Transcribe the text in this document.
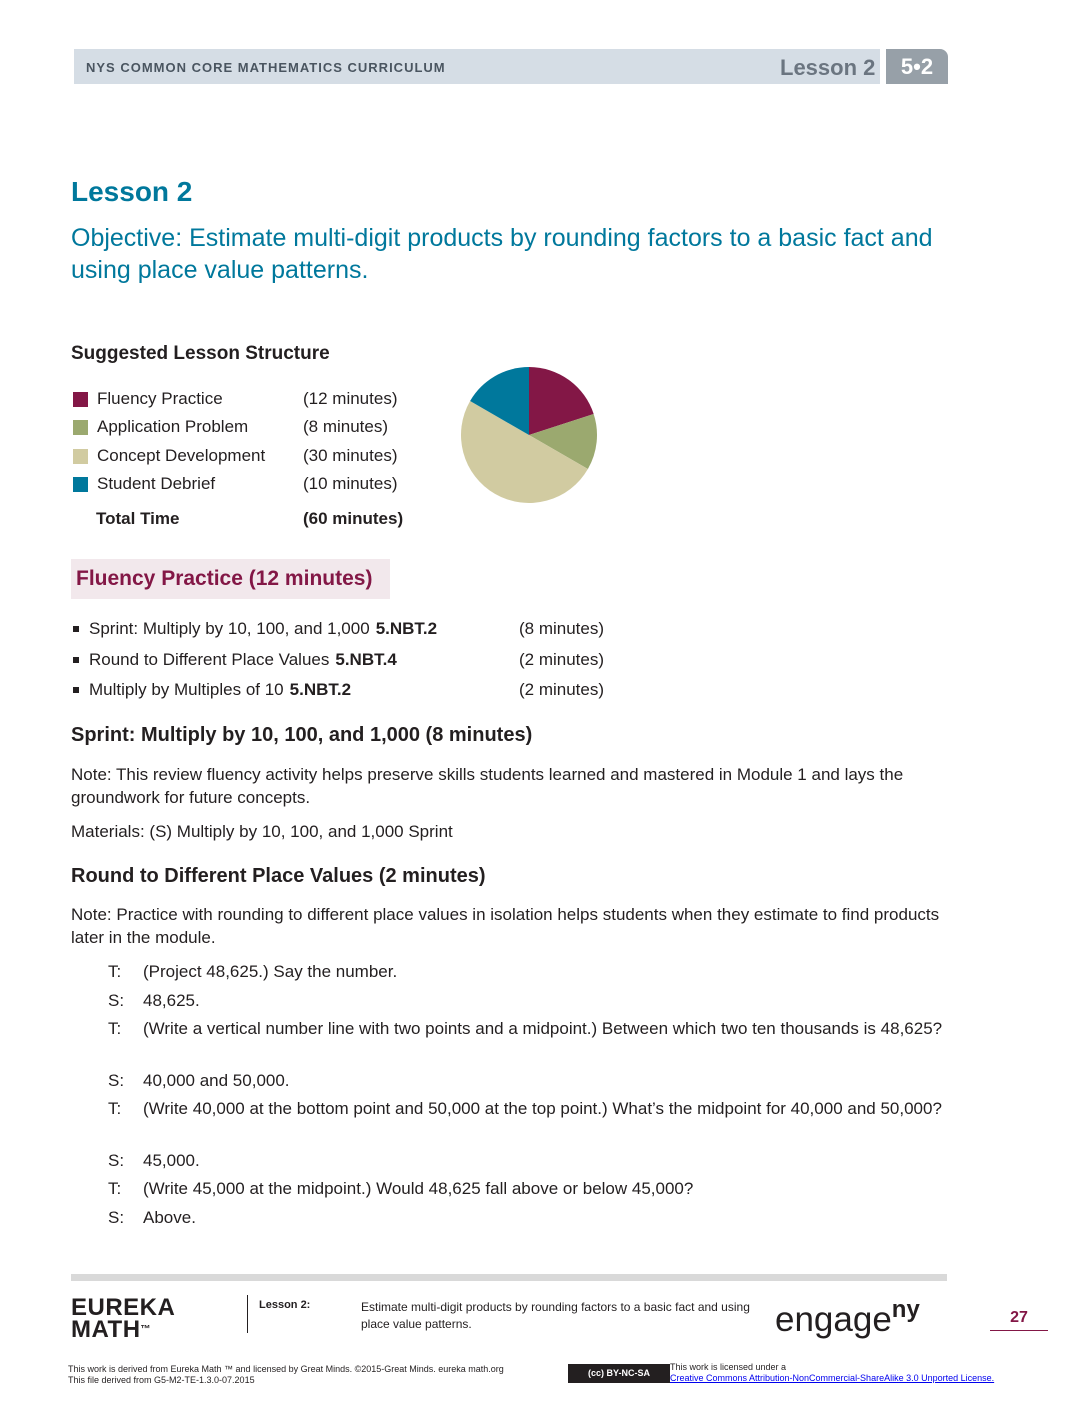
NYS COMMON CORE MATHEMATICS CURRICULUM	Lesson 2	5•2
Lesson 2
Objective: Estimate multi-digit products by rounding factors to a basic fact and using place value patterns.
Suggested Lesson Structure
Fluency Practice	(12 minutes)
Application Problem	(8 minutes)
Concept Development (30 minutes)
Student Debrief	(10 minutes)
Total Time	(60 minutes)
Fluency Practice (12 minutes)
Sprint: Multiply by 10, 100, and 1,000 5.NBT.2	(8 minutes)
Round to Different Place Values 5.NBT.4	(2 minutes)
Multiply by Multiples of 10 5.NBT.2	(2 minutes)
Sprint: Multiply by 10, 100, and 1,000 (8 minutes)
Note: This review fluency activity helps preserve skills students learned and mastered in Module 1 and lays the groundwork for future concepts.
Materials: (S) Multiply by 10, 100, and 1,000 Sprint
Round to Different Place Values (2 minutes)
Note: Practice with rounding to different place values in isolation helps students when they estimate to find products later in the module.
T: (Project 48,625.) Say the number.
S: 48,625.
T: (Write a vertical number line with two points and a midpoint.) Between which two ten thousands is 48,625?
S: 40,000 and 50,000.
T: (Write 40,000 at the bottom point and 50,000 at the top point.) What’s the midpoint for 40,000 and 50,000?
S: 45,000.
T: (Write 45,000 at the midpoint.) Would 48,625 fall above or below 45,000?
S: Above.
EUREKA
MATH™
Lesson 2:	Estimate multi-digit products by rounding factors to a basic fact and using place value patterns.	engage$^{ny}$	27
This work is derived from Eureka Math ™ and licensed by Great Minds. ©2015-Great Minds. eureka math.org
This file derived from G5-M2-TE-1.3.0-07.2015
(cc) BY-NC-SA
This work is licensed under a
Creative Commons Attribution-NonCommercial-ShareAlike 3.0 Unported License.
